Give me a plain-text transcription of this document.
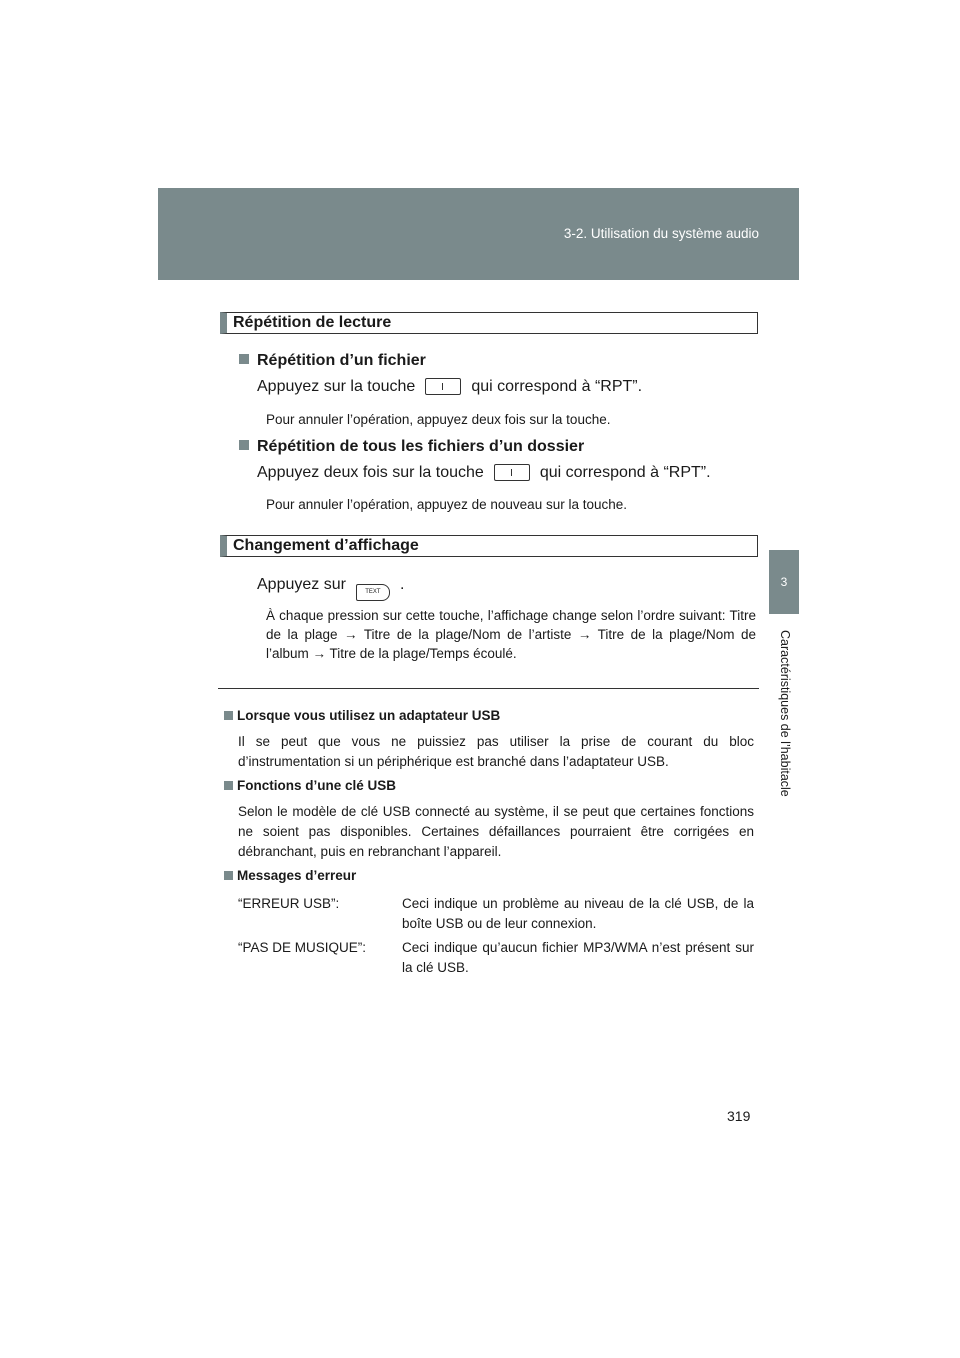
3-2. Utilisation du système audio
3
Caractéristiques de l’habitacle
Répétition de lecture
Répétition d’un fichier
Appuyez sur la touche	qui correspond à “RPT”.
Pour annuler l’opération, appuyez deux fois sur la touche.
Répétition de tous les fichiers d’un dossier
Appuyez deux fois sur la touche	qui correspond à “RPT”.
Pour annuler l’opération, appuyez de nouveau sur la touche.
Changement d’affichage
Appuyez sur	TEXT .
À chaque pression sur cette touche, l’affichage change selon l’ordre suivant: Titre de la plage → Titre de la plage/Nom de l’artiste → Titre de la plage/Nom de l’album → Titre de la plage/Temps écoulé.
Lorsque vous utilisez un adaptateur USB
Il se peut que vous ne puissiez pas utiliser la prise de courant du bloc d’instrumentation si un périphérique est branché dans l’adaptateur USB.
Fonctions d’une clé USB
Selon le modèle de clé USB connecté au système, il se peut que certaines fonctions ne soient pas disponibles. Certaines défaillances pourraient être corrigées en débranchant, puis en rebranchant l’appareil.
Messages d’erreur
“ERREUR USB”:	Ceci indique un problème au niveau de la clé USB, de la boîte USB ou de leur connexion.
“PAS DE MUSIQUE”:	Ceci indique qu’aucun fichier MP3/WMA n’est présent sur la clé USB.
319
